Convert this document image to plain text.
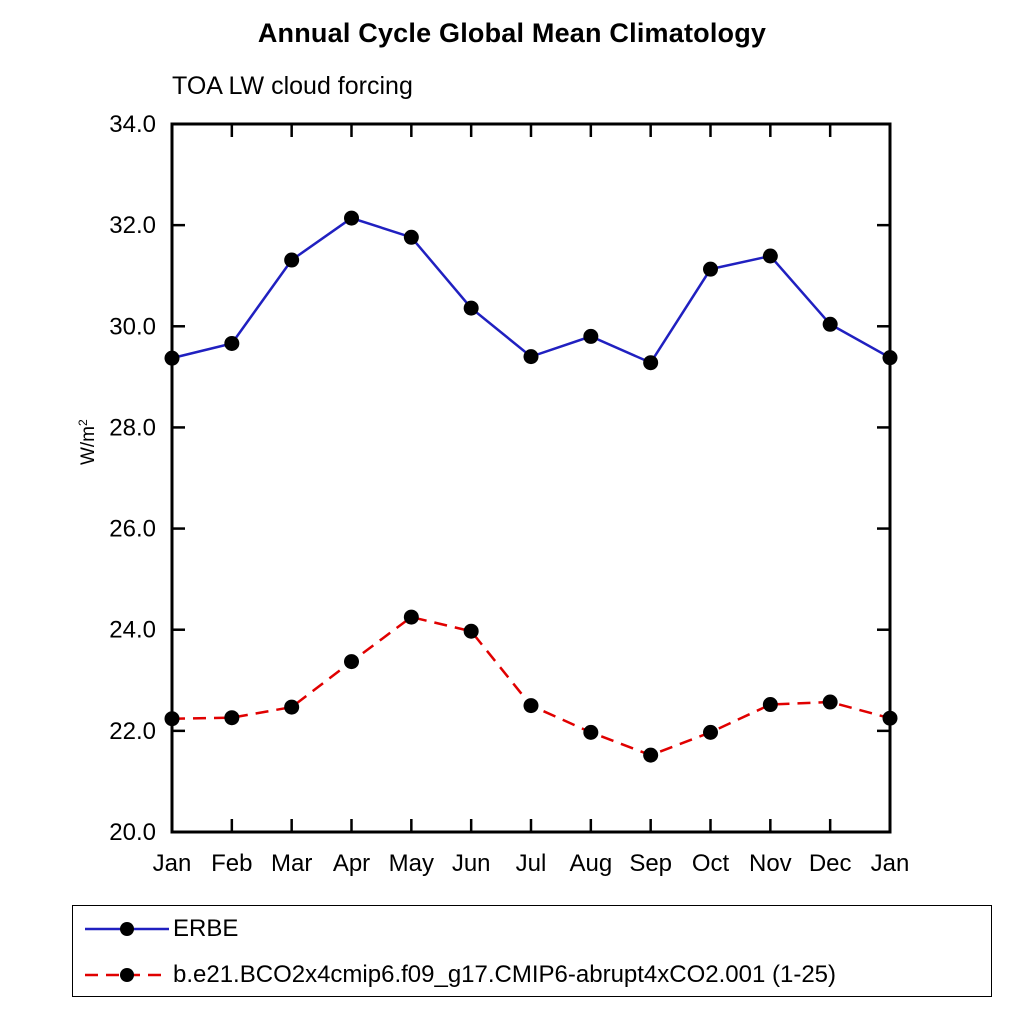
Annual Cycle Global Mean Climatology
TOA LW cloud forcing
$W/m^2$
20.0
22.0
24.0
26.0
28.0
30.0
32.0
34.0
Jan Feb Mar Apr May Jun Jul Aug Sep Oct Nov Dec Jan
ERBE
b.e21.BCO2x4cmip6.f09_g17.CMIP6-abrupt4xCO2.001 (1-25)
